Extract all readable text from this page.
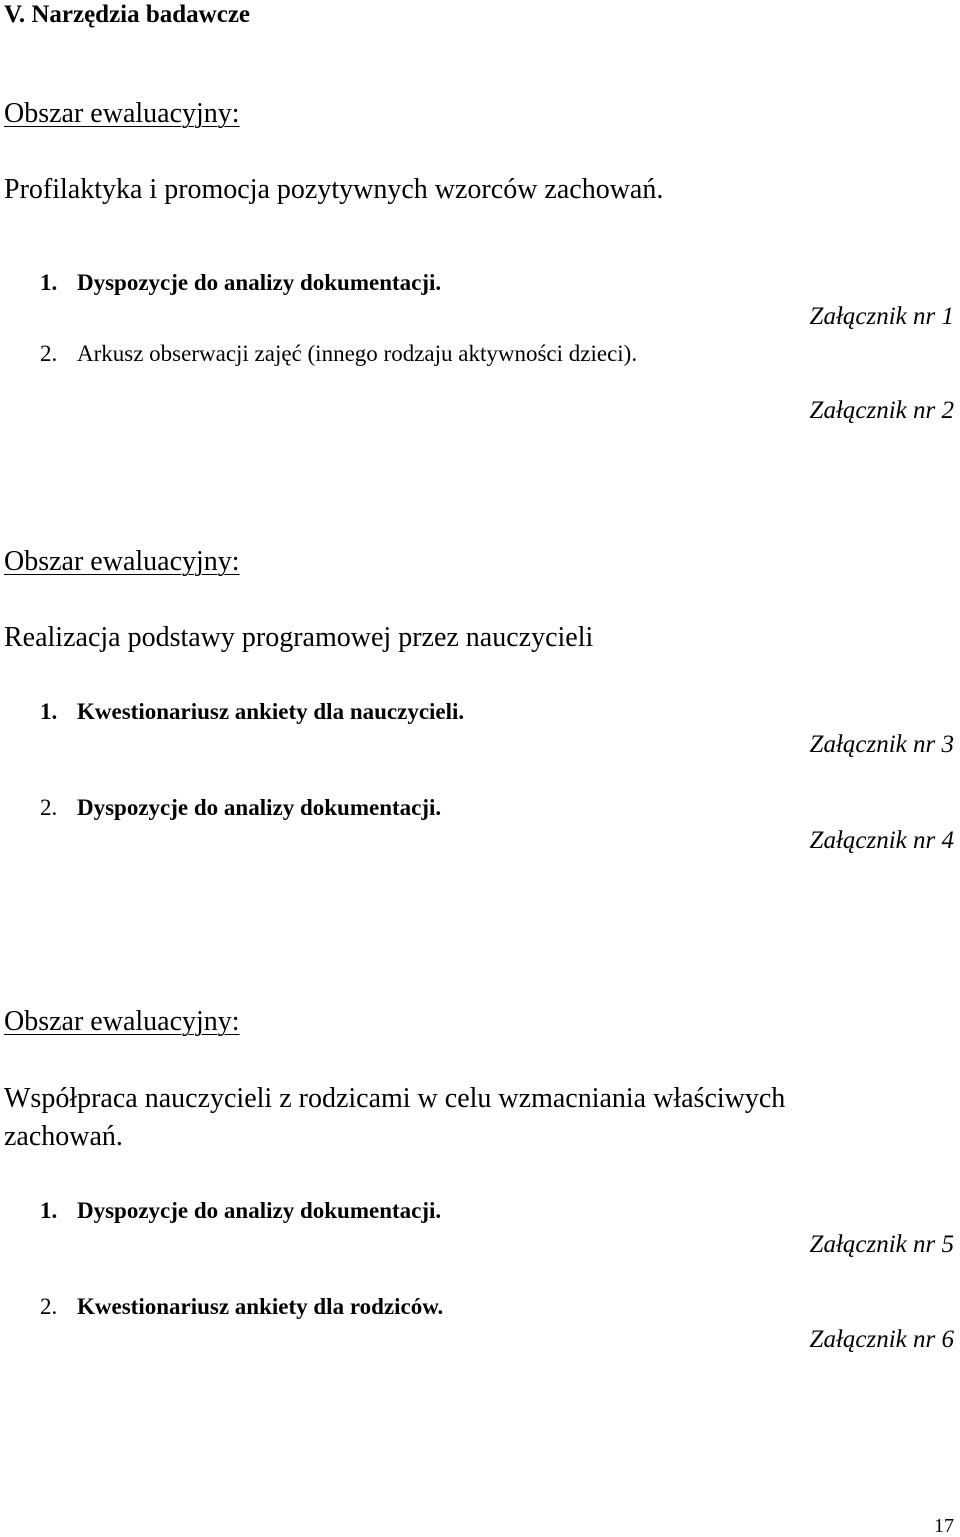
V. Narzędzia badawcze
Obszar ewaluacyjny:
Profilaktyka i promocja pozytywnych wzorców zachowań.
1. Dyspozycje do analizy dokumentacji.
Załącznik nr 1
2. Arkusz obserwacji zajęć (innego rodzaju aktywności dzieci).
Załącznik nr 2
Obszar ewaluacyjny:
Realizacja podstawy programowej przez nauczycieli
1. Kwestionariusz ankiety dla nauczycieli.
Załącznik nr 3
2. Dyspozycje do analizy dokumentacji.
Załącznik nr 4
Obszar ewaluacyjny:
Współpraca nauczycieli z rodzicami w celu wzmacniania właściwych
zachowań.
1. Dyspozycje do analizy dokumentacji.
Załącznik nr 5
2. Kwestionariusz ankiety dla rodziców.
Załącznik nr 6
17
